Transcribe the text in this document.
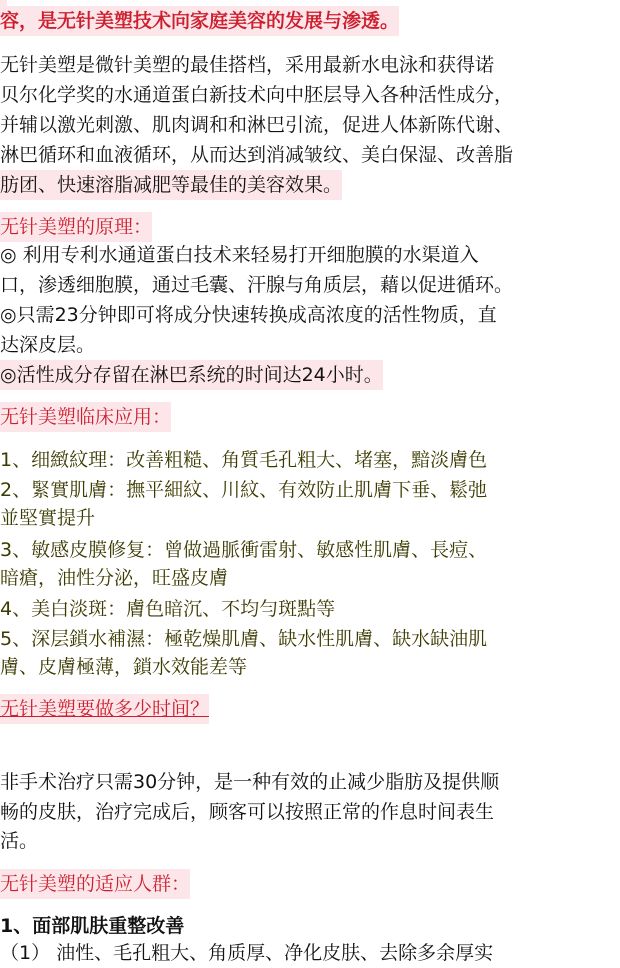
容，是无针美塑技术向家庭美容的发展与渗透。
无针美塑是微针美塑的最佳搭档，采用最新水电泳和获得诺
贝尔化学奖的水通道蛋白新技术向中胚层导入各种活性成分，
并辅以激光刺激、肌肉调和和淋巴引流，促进人体新陈代谢、
淋巴循环和血液循环，从而达到消减皱纹、美白保湿、改善脂
肪团、快速溶脂减肥等最佳的美容效果。
无针美塑的原理：
◎ 利用专利水通道蛋白技术来轻易打开细胞膜的水渠道入
口，渗透细胞膜，通过毛囊、汗腺与角质层，藉以促进循环。
◎只需23分钟即可将成分快速转换成高浓度的活性物质，直
达深皮层。
◎活性成分存留在淋巴系统的时间达24小时。
无针美塑临床应用：
1、细緻紋理：改善粗糙、角質毛孔粗大、堵塞，黯淡膚色
2、緊實肌膚：撫平細紋、川紋、有效防止肌膚下垂、鬆弛
並堅實提升
3、敏感皮膜修复：曾做過脈衝雷射、敏感性肌膚、長痘、
暗瘡，油性分泌，旺盛皮膚
4、美白淡斑：膚色暗沉、不均勻斑點等
5、深层鎖水補濕：極乾燥肌膚、缺水性肌膚、缺水缺油肌
膚、皮膚極薄，鎖水效能差等
无针美塑要做多少时间？
非手术治疗只需30分钟，是一种有效的止减少脂肪及提供顺
畅的皮肤，治疗完成后，顾客可以按照正常的作息时间表生
活。
无针美塑的适应人群：
1、面部肌肤重整改善
（1） 油性、毛孔粗大、角质厚、净化皮肤、去除多余厚实
